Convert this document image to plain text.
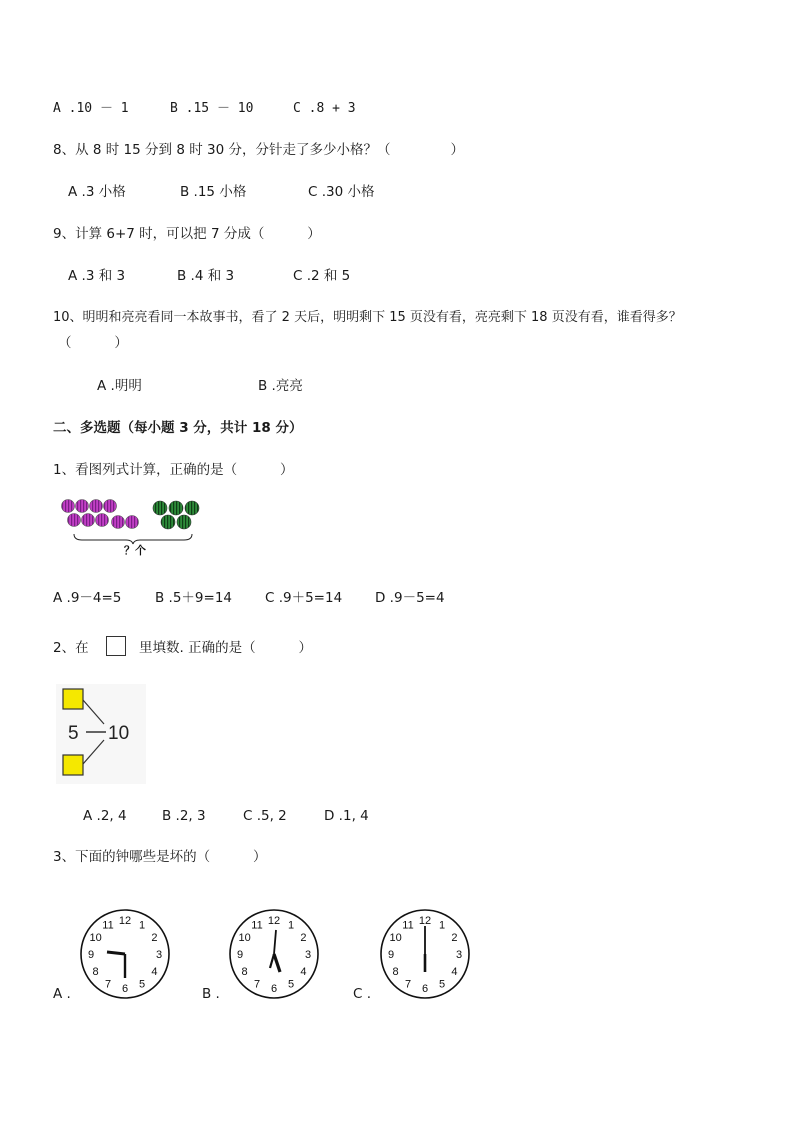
A .10 － 1	B .15 － 10	C .8 + 3
8、从 8 时 15 分到 8 时 30 分，分针走了多少小格？（              ）
A .3 小格	B .15 小格	C .30 小格
9、计算 6+7 时，可以把 7 分成（          ）
A .3 和 3	B .4 和 3	C .2 和 5
10、明明和亮亮看同一本故事书，看了 2 天后，明明剩下 15 页没有看，亮亮剩下 18 页没有看，谁看得多？
（          ）
A .明明	B .亮亮
二、多选题（每小题 3 分，共计 18 分）
1、看图列式计算，正确的是（          ）
？个
A .9－4=5 B .5＋9=14 C .9＋5=14 D .9－5=4
2、在	里填数. 正确的是（          ）
5 10
A .2, 4	B .2, 3	C .5, 2	D .1, 4
3、下面的钟哪些是坏的（          ）
12 1
2
3
4
5
6
7
8
9
10
11
A .
12 1
2
3
4
5
6
7
8
9
10
11
B .
12 1
2
3
4
5
6
7
8
9
10
11
C .
